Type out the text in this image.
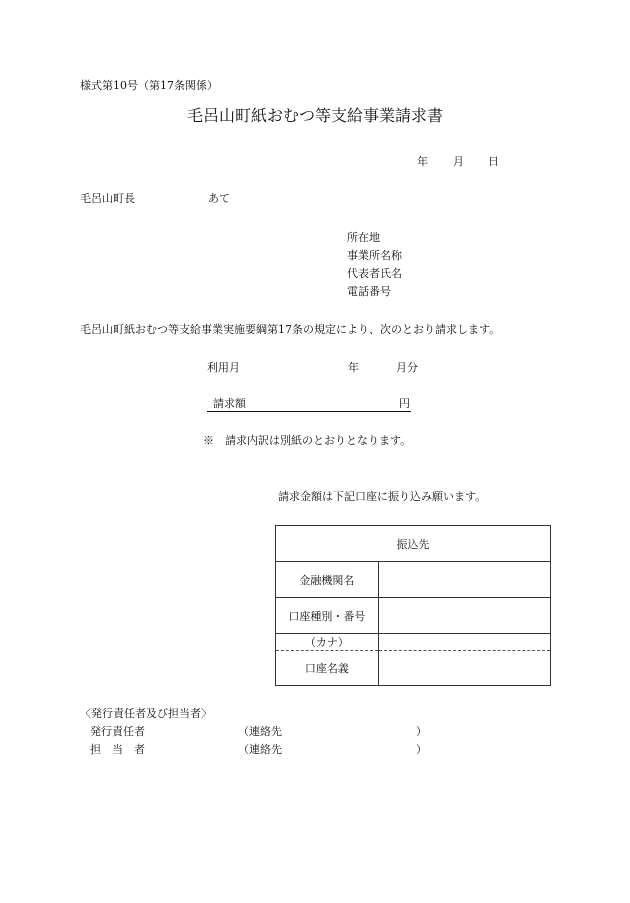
様式第10号（第17条関係）
毛呂山町紙おむつ等支給事業請求書
年 月 日
毛呂山町長	あて
所在地
事業所名称
代表者氏名
電話番号
毛呂山町紙おむつ等支給事業実施要綱第17条の規定により、次のとおり請求します。
利用月	年	月分
請求額	円
※　請求内訳は別紙のとおりとなります。
請求金額は下記口座に振り込み願います。
振込先	
金融機関名	
口座種別・番号	
（カナ）	
口座名義	
〈発行責任者及び担当者〉
発行責任者	（連絡先	）
担　当　者	（連絡先	）
